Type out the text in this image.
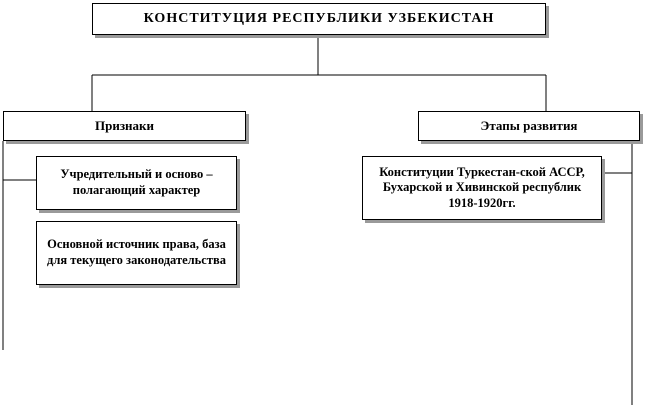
КОНСТИТУЦИЯ РЕСПУБЛИКИ УЗБЕКИСТАН
Признаки	Этапы развития
Учредительный и осново – полагающий характер
Основной источник права, база для текущего законодательства
Конституции Туркестан-ской АССР, Бухарской и Хивинской республик 1918-1920гг.
